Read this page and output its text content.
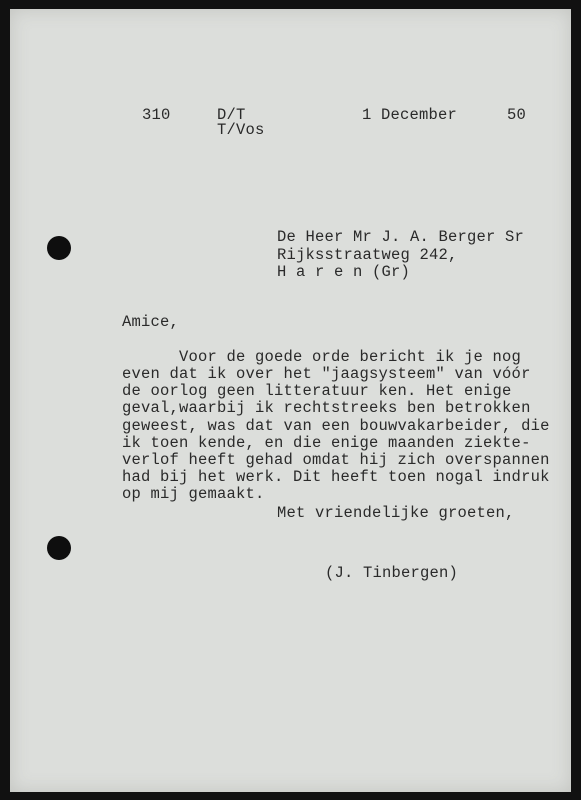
310	D/T
T/Vos
1 December	50
De Heer Mr J. A. Berger Sr
Rijksstraatweg 242,
H a r e n (Gr)
Amice,
Voor de goede orde bericht ik je nog
even dat ik over het "jaagsysteem" van vóór
de oorlog geen litteratuur ken. Het enige
geval,waarbij ik rechtstreeks ben betrokken
geweest, was dat van een bouwvakarbeider, die
ik toen kende, en die enige maanden ziekte-
verlof heeft gehad omdat hij zich overspannen
had bij het werk. Dit heeft toen nogal indruk
op mij gemaakt.
Met vriendelijke groeten,
(J. Tinbergen)
